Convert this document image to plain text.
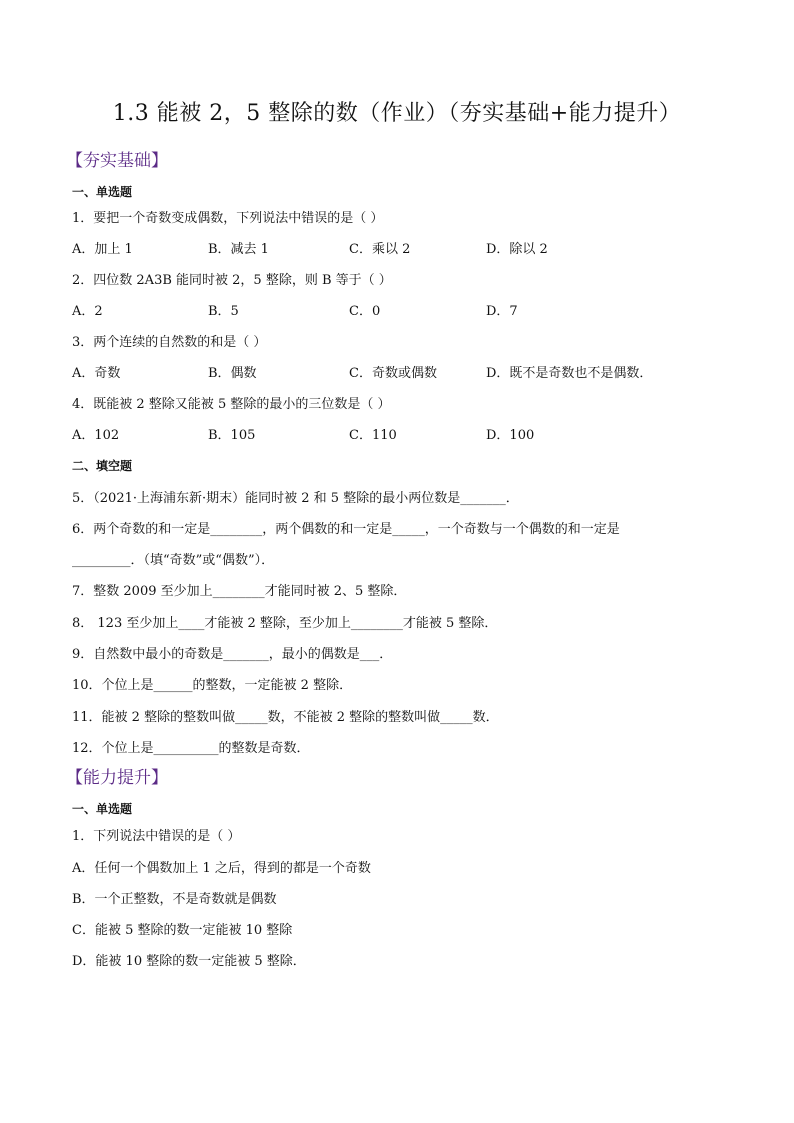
1.3 能被 2，5 整除的数（作业）（夯实基础+能力提升）
【夯实基础】
一、单选题
1．要把一个奇数变成偶数，下列说法中错误的是（ ）
A．加上 1	B．减去 1	C．乘以 2	D．除以 2
2．四位数 2A3B 能同时被 2，5 整除，则 B 等于（ ）
A．2	B．5	C．0	D．7
3．两个连续的自然数的和是（ ）
A．奇数	B．偶数	C．奇数或偶数	D．既不是奇数也不是偶数．
4．既能被 2 整除又能被 5 整除的最小的三位数是（ ）
A．102	B．105	C．110	D．100
二、填空题
5．（2021·上海浦东新·期末）能同时被 2 和 5 整除的最小两位数是_______．
6．两个奇数的和一定是________，两个偶数的和一定是_____，一个奇数与一个偶数的和一定是
_________．（填“奇数”或“偶数”）．
7．整数 2009 至少加上________才能同时被 2、5 整除．
8． 123 至少加上____才能被 2 整除，至少加上________才能被 5 整除．
9．自然数中最小的奇数是_______，最小的偶数是___．
10．个位上是______的整数，一定能被 2 整除．
11．能被 2 整除的整数叫做_____数，不能被 2 整除的整数叫做_____数．
12．个位上是__________的整数是奇数．
【能力提升】
一、单选题
1．下列说法中错误的是（ ）
A．任何一个偶数加上 1 之后，得到的都是一个奇数
B．一个正整数，不是奇数就是偶数
C．能被 5 整除的数一定能被 10 整除
D．能被 10 整除的数一定能被 5 整除．
